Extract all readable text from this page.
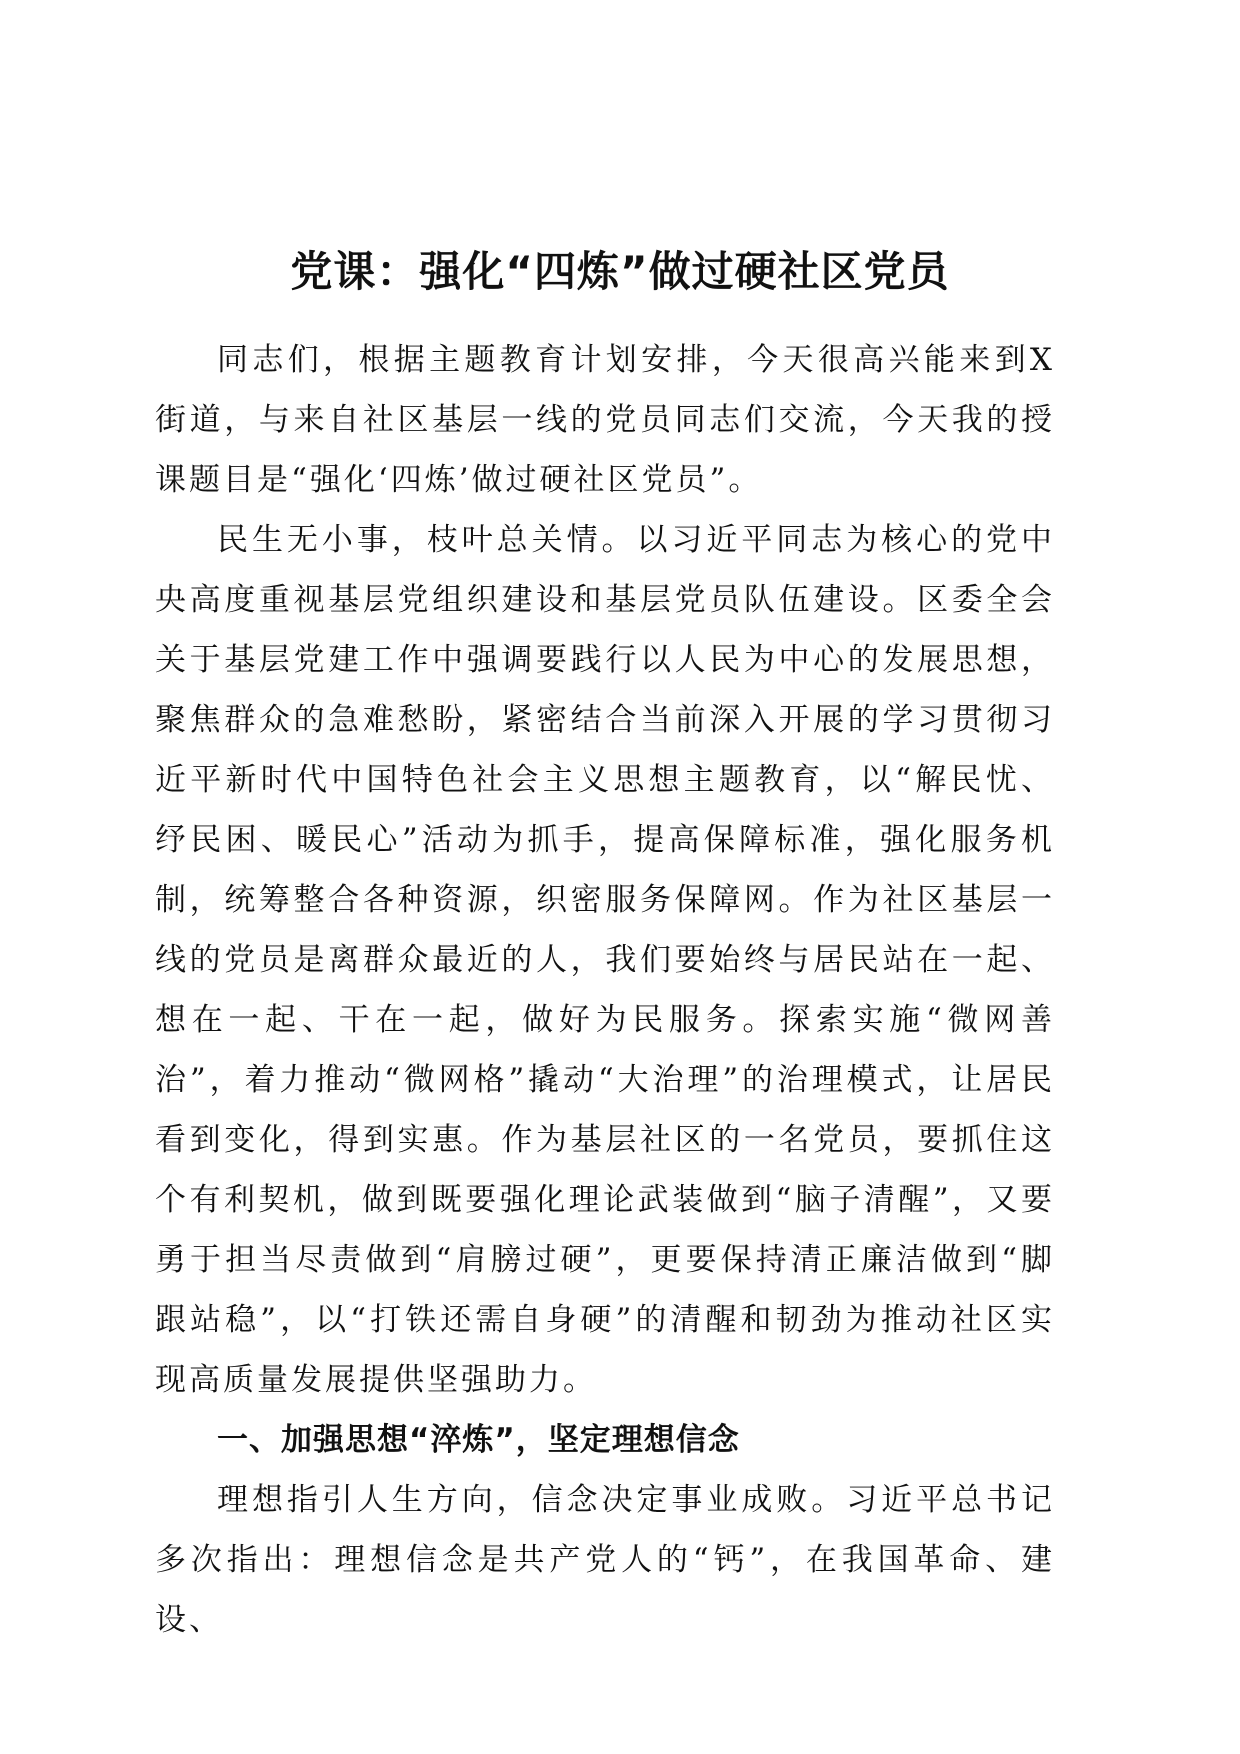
党课：强化“四炼”做过硬社区党员

同志们，根据主题教育计划安排，今天很高兴能来到X街道，与来自社区基层一线的党员同志们交流，今天我的授课题目是“强化‘四炼’做过硬社区党员”。

民生无小事，枝叶总关情。以习近平同志为核心的党中央高度重视基层党组织建设和基层党员队伍建设。区委全会关于基层党建工作中强调要践行以人民为中心的发展思想，聚焦群众的急难愁盼，紧密结合当前深入开展的学习贯彻习近平新时代中国特色社会主义思想主题教育，以“解民忧、纾民困、暖民心”活动为抓手，提高保障标准，强化服务机制，统筹整合各种资源，织密服务保障网。作为社区基层一线的党员是离群众最近的人，我们要始终与居民站在一起、想在一起、干在一起，做好为民服务。探索实施“微网善治”，着力推动“微网格”撬动“大治理”的治理模式，让居民看到变化，得到实惠。作为基层社区的一名党员，要抓住这个有利契机，做到既要强化理论武装做到“脑子清醒”，又要勇于担当尽责做到“肩膀过硬”，更要保持清正廉洁做到“脚跟站稳”，以“打铁还需自身硬”的清醒和韧劲为推动社区实现高质量发展提供坚强助力。

一、加强思想“淬炼”，坚定理想信念

理想指引人生方向，信念决定事业成败。习近平总书记多次指出：理想信念是共产党人的“钙”，在我国革命、建设、
